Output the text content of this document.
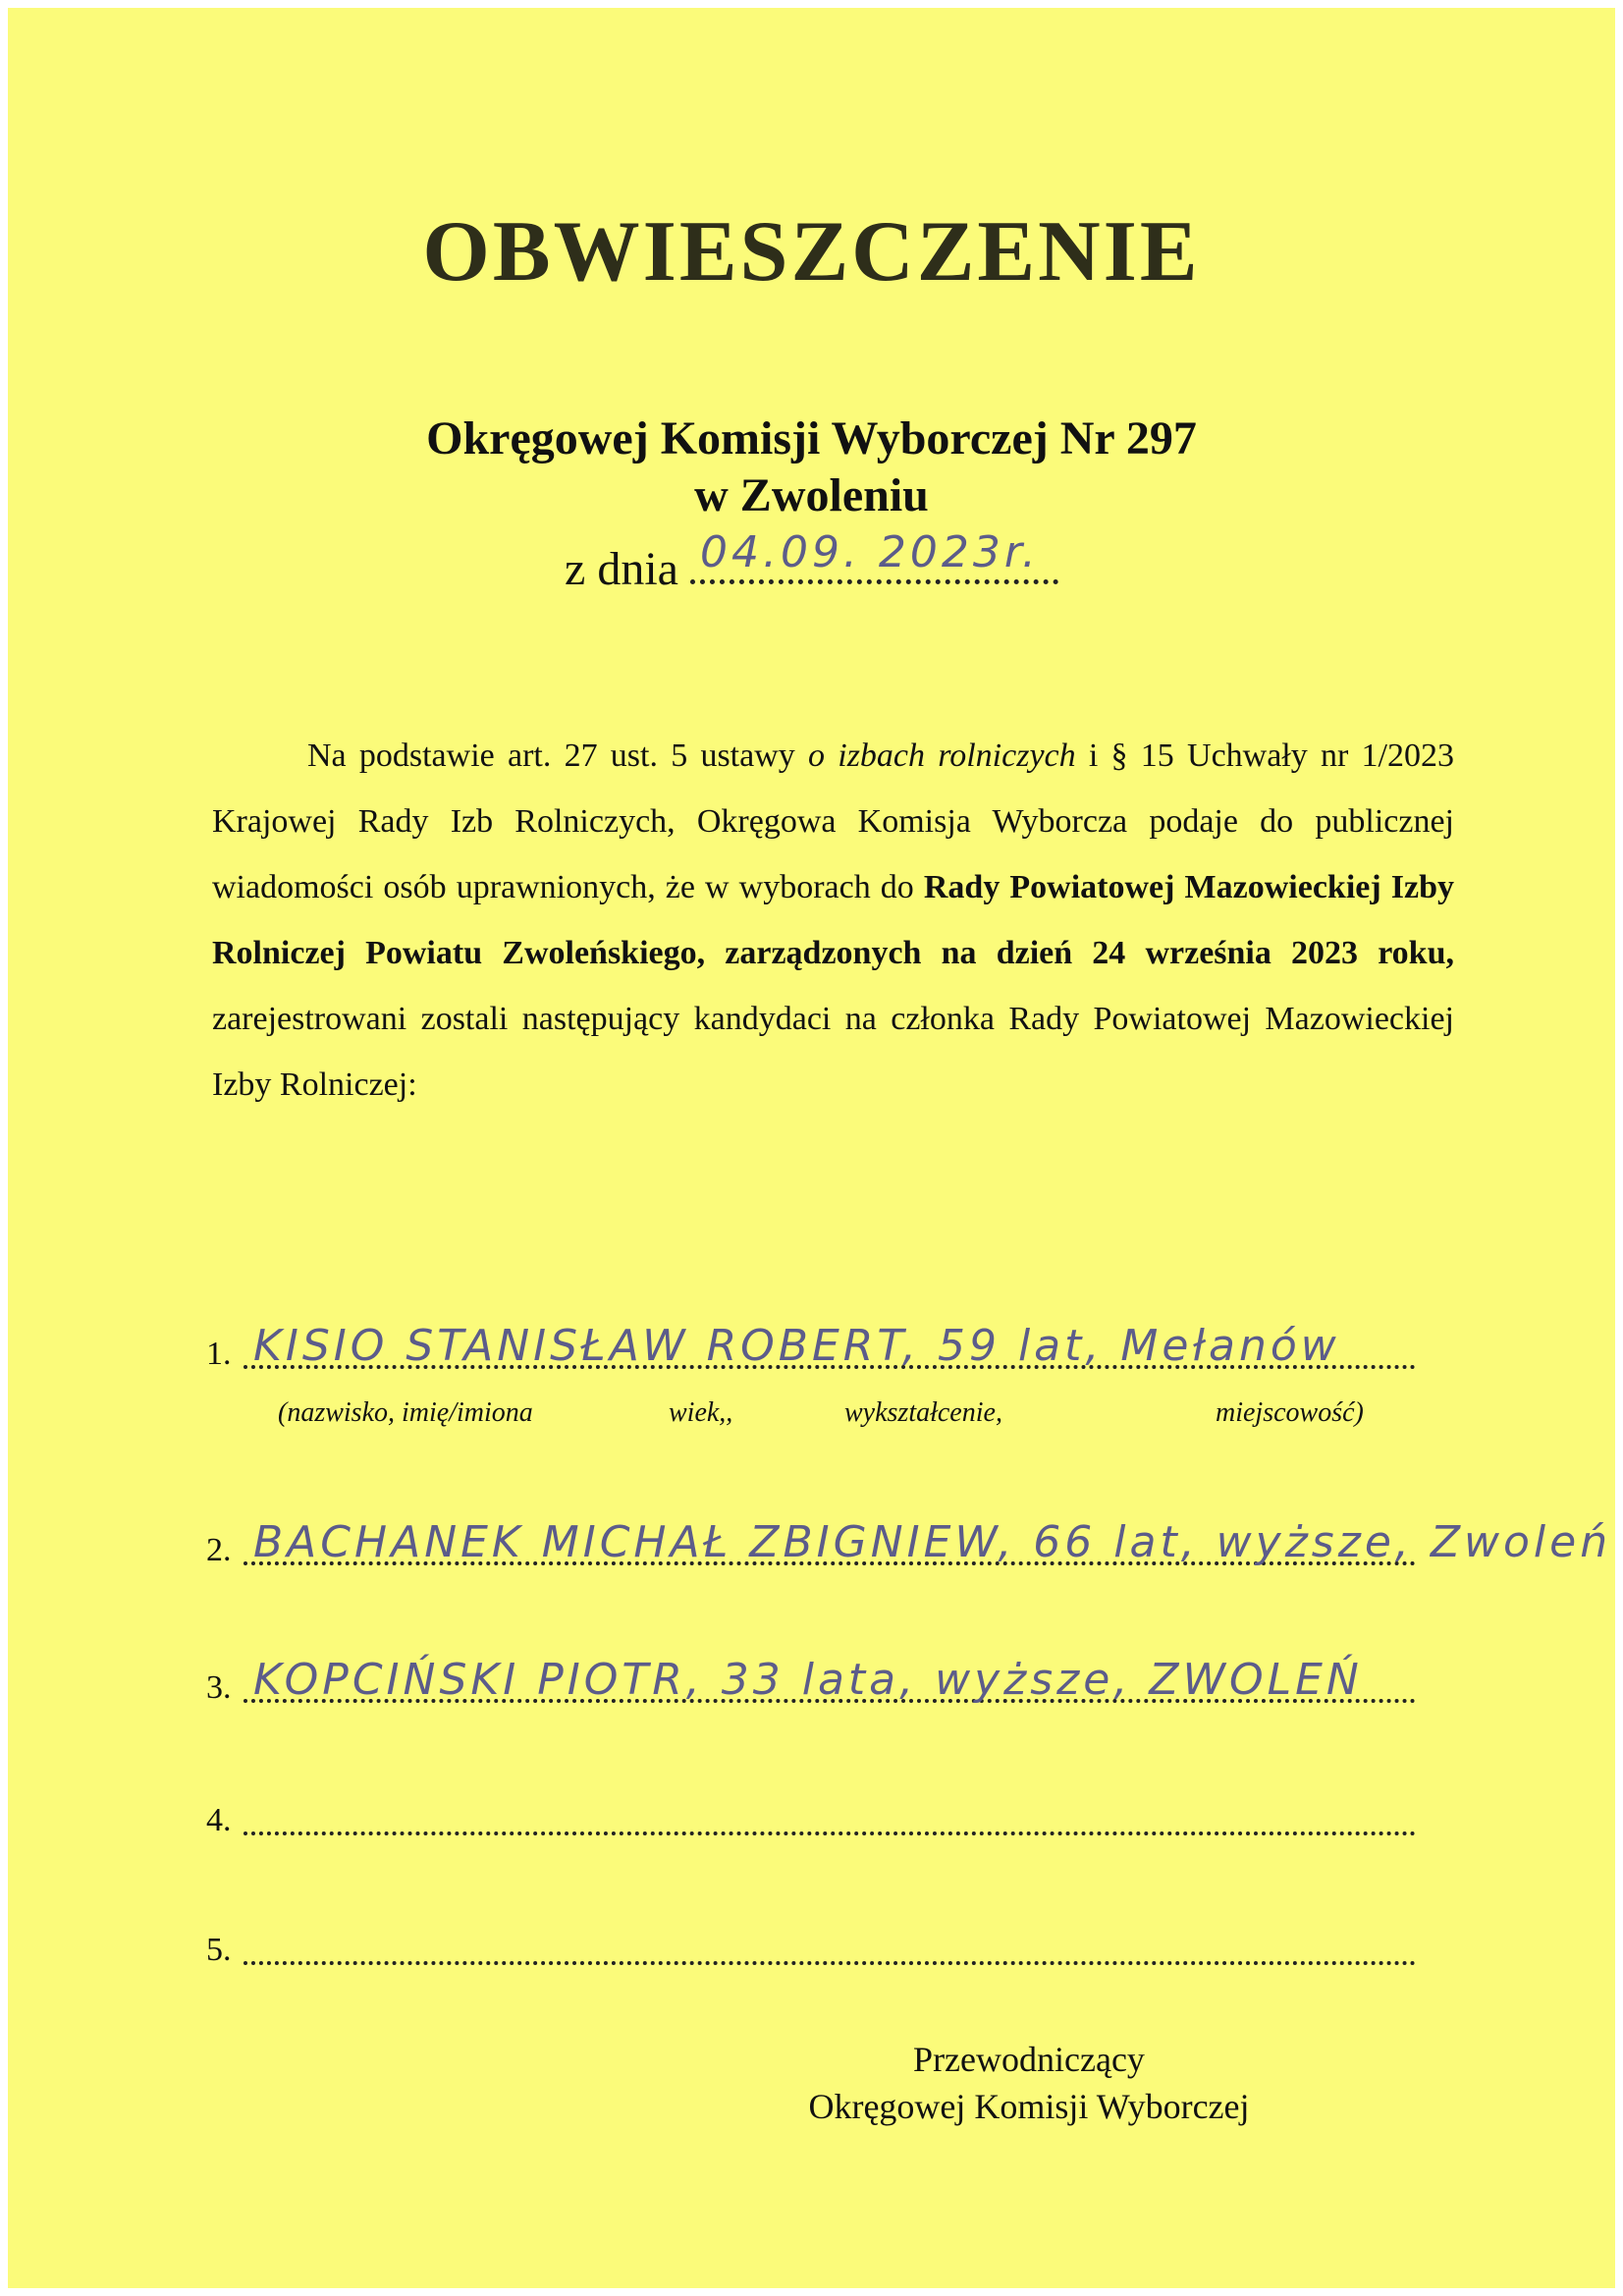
OBWIESZCZENIE
Okręgowej Komisji Wyborczej Nr 297
w Zwoleniu
z dnia 04.09. 2023r.
Na podstawie art. 27 ust. 5 ustawy o izbach rolniczych i § 15 Uchwały nr 1/2023 Krajowej Rady Izb Rolniczych, Okręgowa Komisja Wyborcza podaje do publicznej wiadomości osób uprawnionych, że w wyborach do Rady Powiatowej Mazowieckiej Izby Rolniczej Powiatu Zwoleńskiego, zarządzonych na dzień 24 września 2023 roku, zarejestrowani zostali następujący kandydaci na członka Rady Powiatowej Mazowieckiej Izby Rolniczej:
1. KISIO STANISŁAW ROBERT, 59 lat, Mełanów
(nazwisko, imię/imiona	wiek,,	wykształcenie,	miejscowość)
2. BACHANEK MICHAŁ ZBIGNIEW, 66 lat, wyższe, Zwoleń
3. KOPCIŃSKI PIOTR, 33 lata, wyższe, ZWOLEŃ
4.
5.
Przewodniczący
Okręgowej Komisji Wyborczej
